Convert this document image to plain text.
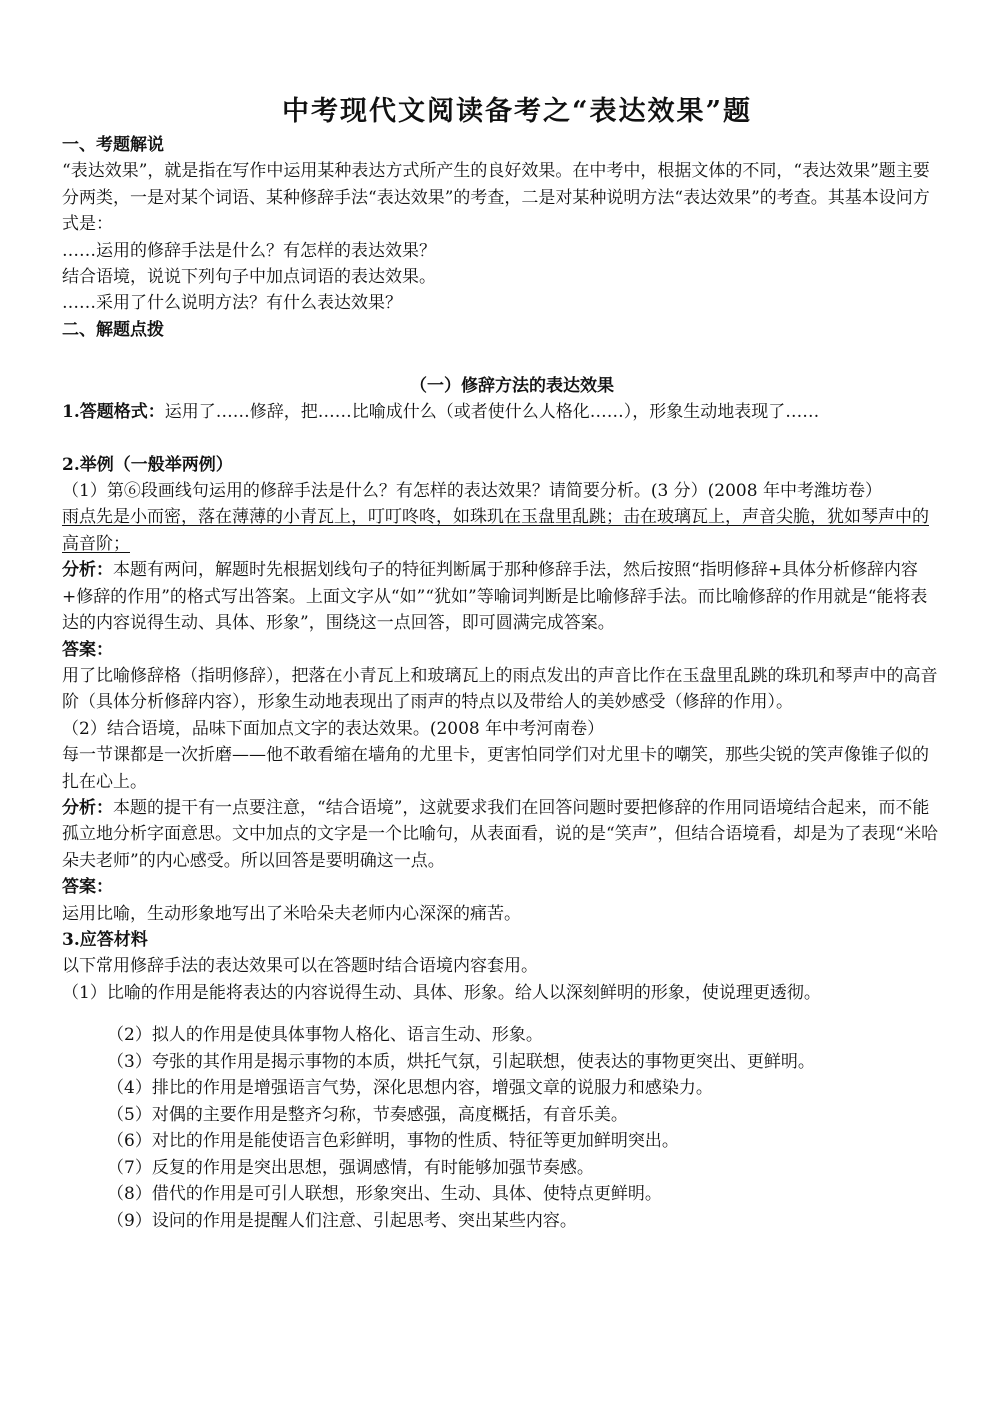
中考现代文阅读备考之“表达效果”题

一、考题解说

“表达效果”，就是指在写作中运用某种表达方式所产生的良好效果。在中考中，根据文体的不同，“表达效果”题主要分两类，一是对某个词语、某种修辞手法“表达效果”的考查，二是对某种说明方法“表达效果”的考查。其基本设问方式是：

……运用的修辞手法是什么？有怎样的表达效果？

结合语境，说说下列句子中加点词语的表达效果。

……采用了什么说明方法？有什么表达效果？

二、解题点拨

（一）修辞方法的表达效果

1.答题格式：运用了……修辞，把……比喻成什么（或者使什么人格化……），形象生动地表现了……

2.举例（一般举两例）

（1）第⑥段画线句运用的修辞手法是什么？有怎样的表达效果？请简要分析。(3 分）(2008 年中考潍坊卷）

雨点先是小而密，落在薄薄的小青瓦上，叮叮咚咚，如珠玑在玉盘里乱跳；击在玻璃瓦上，声音尖脆，犹如琴声中的高音阶；

分析：本题有两问，解题时先根据划线句子的特征判断属于那种修辞手法，然后按照“指明修辞+具体分析修辞内容+修辞的作用”的格式写出答案。上面文字从“如”“犹如”等喻词判断是比喻修辞手法。而比喻修辞的作用就是“能将表达的内容说得生动、具体、形象”，围绕这一点回答，即可圆满完成答案。

答案：

用了比喻修辞格（指明修辞），把落在小青瓦上和玻璃瓦上的雨点发出的声音比作在玉盘里乱跳的珠玑和琴声中的高音阶（具体分析修辞内容），形象生动地表现出了雨声的特点以及带给人的美妙感受（修辞的作用）。

（2）结合语境，品味下面加点文字的表达效果。(2008 年中考河南卷）

每一节课都是一次折磨——他不敢看缩在墙角的尤里卡，更害怕同学们对尤里卡的嘲笑，那些尖锐的笑声像锥子似的扎在心上。

分析：本题的提干有一点要注意，“结合语境”，这就要求我们在回答问题时要把修辞的作用同语境结合起来，而不能孤立地分析字面意思。文中加点的文字是一个比喻句，从表面看，说的是“笑声”，但结合语境看，却是为了表现“米哈朵夫老师”的内心感受。所以回答是要明确这一点。

答案：

运用比喻，生动形象地写出了米哈朵夫老师内心深深的痛苦。

3.应答材料

以下常用修辞手法的表达效果可以在答题时结合语境内容套用。

（1）比喻的作用是能将表达的内容说得生动、具体、形象。给人以深刻鲜明的形象，使说理更透彻。

（2）拟人的作用是使具体事物人格化、语言生动、形象。

（3）夸张的其作用是揭示事物的本质，烘托气氛，引起联想，使表达的事物更突出、更鲜明。

（4）排比的作用是增强语言气势，深化思想内容，增强文章的说服力和感染力。

（5）对偶的主要作用是整齐匀称，节奏感强，高度概括，有音乐美。

（6）对比的作用是能使语言色彩鲜明，事物的性质、特征等更加鲜明突出。

（7）反复的作用是突出思想，强调感情，有时能够加强节奏感。

（8）借代的作用是可引人联想，形象突出、生动、具体、使特点更鲜明。

（9）设问的作用是提醒人们注意、引起思考、突出某些内容。
